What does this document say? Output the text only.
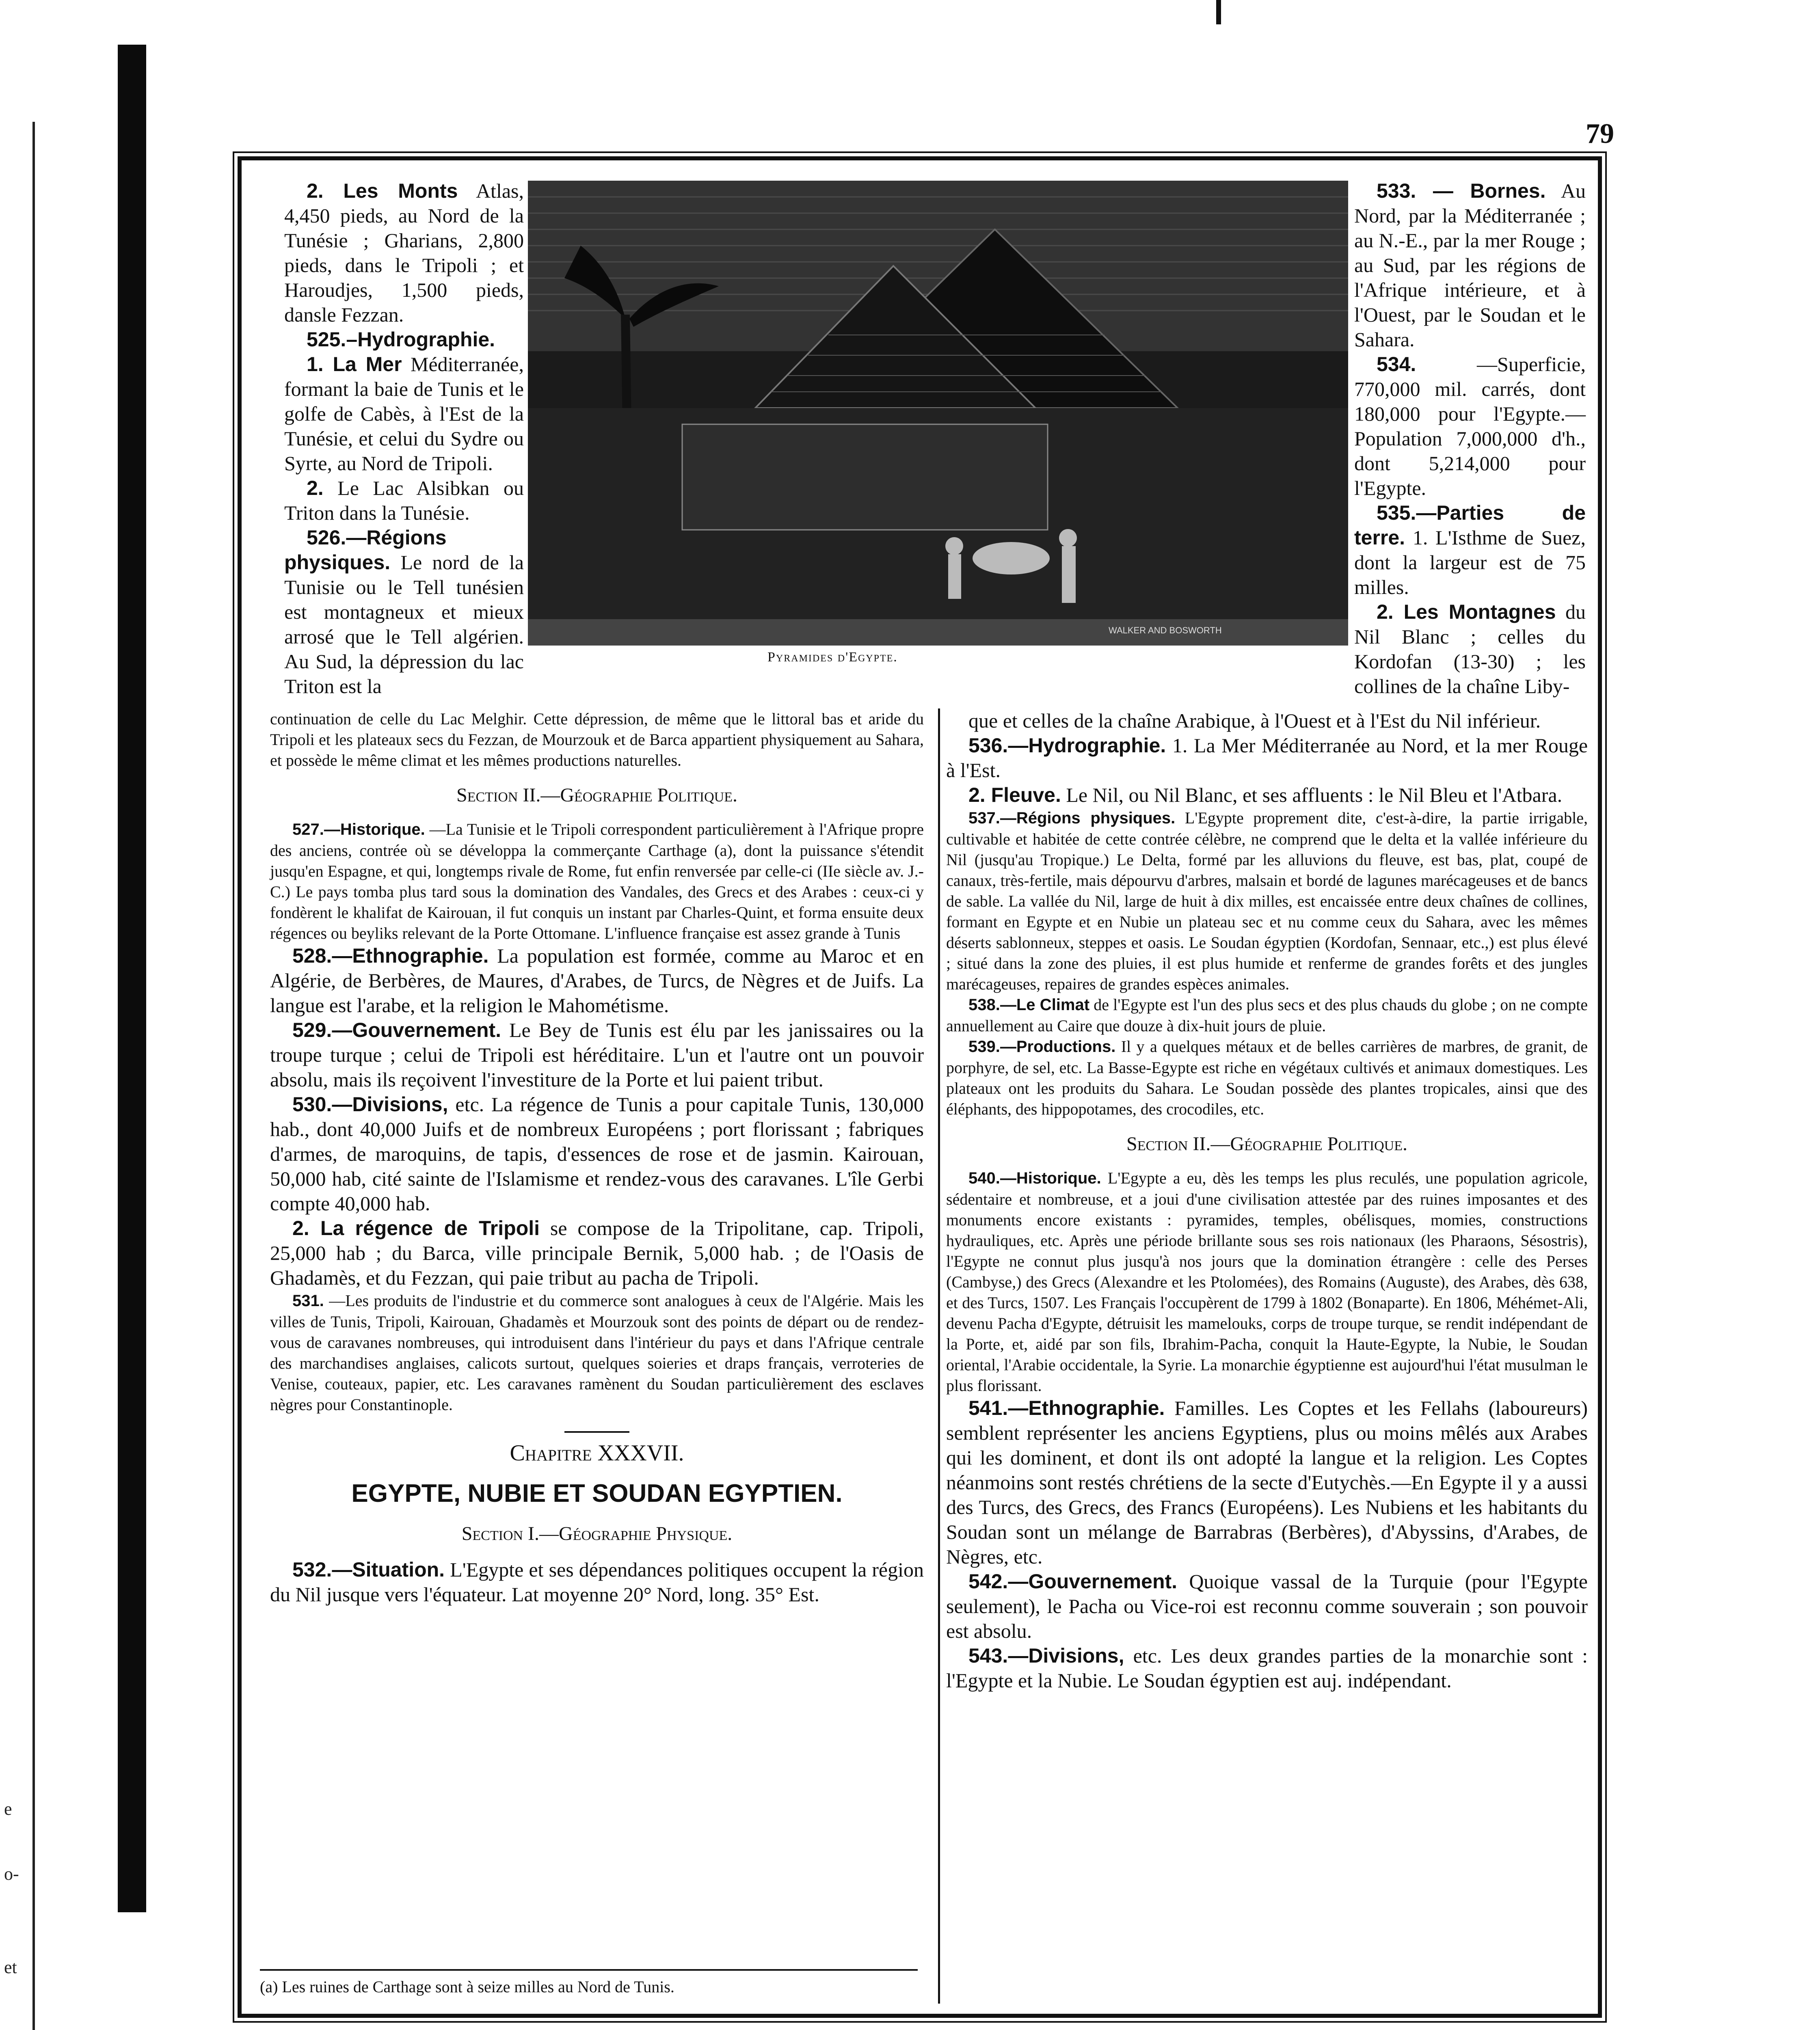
e
o-
et
79
WALKER AND BOSWORTH
Pyramides d'Egypte.

2. Les Monts Atlas, 4,450 pieds, au Nord de la Tunésie ; Gharians, 2,800 pieds, dans le Tripoli ; et Haroudjes, 1,500 pieds, dansle Fezzan.

525.–Hydrographie.

1. La Mer Méditerranée, formant la baie de Tunis et le golfe de Cabès, à l'Est de la Tunésie, et celui du Sydre ou Syrte, au Nord de Tripoli.

2. Le Lac Alsibkan ou Triton dans la Tunésie.

526.—Régions physiques. Le nord de la Tunisie ou le Tell tunésien est montagneux et mieux arrosé que le Tell algérien. Au Sud, la dépression du lac Triton est la

533. — Bornes. Au Nord, par la Méditerranée ; au N.-E., par la mer Rouge ; au Sud, par les régions de l'Afrique intérieure, et à l'Ouest, par le Soudan et le Sahara.

534.	—Superficie, 770,000 mil. carrés, dont 180,000 pour l'Egypte.— Population 7,000,000 d'h., dont 5,214,000 pour l'Egypte.

535.—Parties de terre. 1. L'Isthme de Suez, dont la largeur est de 75 milles.

2. Les Montagnes du Nil Blanc ; celles du Kordofan (13-30) ; les collines de la chaîne Liby-

continuation de celle du Lac Melghir. Cette dépression, de même que le littoral bas et aride du Tripoli et les plateaux secs du Fezzan, de Mourzouk et de Barca appartient physiquement au Sahara, et possède le même climat et les mêmes productions naturelles.

Section II.—Géographie Politique.

527.—Historique. —La Tunisie et le Tripoli correspondent particulièrement à l'Afrique propre des anciens, contrée où se développa la commerçante Carthage (a), dont la puissance s'étendit jusqu'en Espagne, et qui, longtemps rivale de Rome, fut enfin renversée par celle-ci (IIe siècle av. J.-C.) Le pays tomba plus tard sous la domination des Vandales, des Grecs et des Arabes : ceux-ci y fondèrent le khalifat de Kairouan, il fut conquis un instant par Charles-Quint, et forma ensuite deux régences ou beyliks relevant de la Porte Ottomane. L'influence française est assez grande à Tunis

528.—Ethnographie. La population est formée, comme au Maroc et en Algérie, de Berbères, de Maures, d'Arabes, de Turcs, de Nègres et de Juifs. La langue est l'arabe, et la religion le Mahométisme.

529.—Gouvernement. Le Bey de Tunis est élu par les janissaires ou la troupe turque ; celui de Tripoli est héréditaire. L'un et l'autre ont un pouvoir absolu, mais ils reçoivent l'investiture de la Porte et lui paient tribut.

530.—Divisions, etc. La régence de Tunis a pour capitale Tunis, 130,000 hab., dont 40,000 Juifs et de nombreux Européens ; port florissant ; fabriques d'armes, de maroquins, de tapis, d'essences de rose et de jasmin. Kairouan, 50,000 hab, cité sainte de l'Islamisme et rendez-vous des caravanes. L'île Gerbi compte 40,000 hab.

2. La régence de Tripoli se compose de la Tripolitane, cap. Tripoli, 25,000 hab ; du Barca, ville principale Bernik, 5,000 hab. ; de l'Oasis de Ghadamès, et du Fezzan, qui paie tribut au pacha de Tripoli.

531. —Les produits de l'industrie et du commerce sont analogues à ceux de l'Algérie. Mais les villes de Tunis, Tripoli, Kairouan, Ghadamès et Mourzouk sont des points de départ ou de rendez-vous de caravanes nombreuses, qui introduisent dans l'intérieur du pays et dans l'Afrique centrale des marchandises anglaises, calicots surtout, quelques soieries et draps français, verroteries de Venise, couteaux, papier, etc. Les caravanes ramènent du Soudan particulièrement des esclaves nègres pour Constantinople.

Chapitre XXXVII.
EGYPTE, NUBIE ET SOUDAN EGYPTIEN.
Section I.—Géographie Physique.

532.—Situation. L'Egypte et ses dépendances politiques occupent la région du Nil jusque vers l'équateur. Lat moyenne 20° Nord, long. 35° Est.

(a) Les ruines de Carthage sont à seize milles au Nord de Tunis.

que et celles de la chaîne Arabique, à l'Ouest et à l'Est du Nil inférieur.

536.—Hydrographie. 1. La Mer Méditerranée au Nord, et la mer Rouge à l'Est.

2. Fleuve. Le Nil, ou Nil Blanc, et ses affluents : le Nil Bleu et l'Atbara.

537.—Régions physiques. L'Egypte proprement dite, c'est-à-dire, la partie irrigable, cultivable et habitée de cette contrée célèbre, ne comprend que le delta et la vallée inférieure du Nil (jusqu'au Tropique.) Le Delta, formé par les alluvions du fleuve, est bas, plat, coupé de canaux, très-fertile, mais dépourvu d'arbres, malsain et bordé de lagunes marécageuses et de bancs de sable. La vallée du Nil, large de huit à dix milles, est encaissée entre deux chaînes de collines, formant en Egypte et en Nubie un plateau sec et nu comme ceux du Sahara, avec les mêmes déserts sablonneux, steppes et oasis. Le Soudan égyptien (Kordofan, Sennaar, etc.,) est plus élevé ; situé dans la zone des pluies, il est plus humide et renferme de grandes forêts et des jungles marécageuses, repaires de grandes espèces animales.

538.—Le Climat de l'Egypte est l'un des plus secs et des plus chauds du globe ; on ne compte annuellement au Caire que douze à dix-huit jours de pluie.

539.—Productions. Il y a quelques métaux et de belles carrières de marbres, de granit, de porphyre, de sel, etc. La Basse-Egypte est riche en végétaux cultivés et animaux domestiques. Les plateaux ont les produits du Sahara. Le Soudan possède des plantes tropicales, ainsi que des éléphants, des hippopotames, des crocodiles, etc.

Section II.—Géographie Politique.

540.—Historique. L'Egypte a eu, dès les temps les plus reculés, une population agricole, sédentaire et nombreuse, et a joui d'une civilisation attestée par des ruines imposantes et des monuments encore existants : pyramides, temples, obélisques, momies, constructions hydrauliques, etc. Après une période brillante sous ses rois nationaux (les Pharaons, Sésostris), l'Egypte ne connut plus jusqu'à nos jours que la domination étrangère : celle des Perses (Cambyse,) des Grecs (Alexandre et les Ptolomées), des Romains (Auguste), des Arabes, dès 638, et des Turcs, 1507. Les Français l'occupèrent de 1799 à 1802 (Bonaparte). En 1806, Méhémet-Ali, devenu Pacha d'Egypte, détruisit les mamelouks, corps de troupe turque, se rendit indépendant de la Porte, et, aidé par son fils, Ibrahim-Pacha, conquit la Haute-Egypte, la Nubie, le Soudan oriental, l'Arabie occidentale, la Syrie. La monarchie égyptienne est aujourd'hui l'état musulman le plus florissant.

541.—Ethnographie. Familles. Les Coptes et les Fellahs (laboureurs) semblent représenter les anciens Egyptiens, plus ou moins mêlés aux Arabes qui les dominent, et dont ils ont adopté la langue et la religion. Les Coptes néanmoins sont restés chrétiens de la secte d'Eutychès.—En Egypte il y a aussi des Turcs, des Grecs, des Francs (Européens). Les Nubiens et les habitants du Soudan sont un mélange de Barrabras (Berbères), d'Abyssins, d'Arabes, de Nègres, etc.

542.—Gouvernement. Quoique vassal de la Turquie (pour l'Egypte seulement), le Pacha ou Vice-roi est reconnu comme souverain ; son pouvoir est absolu.

543.—Divisions, etc. Les deux grandes parties de la monarchie sont : l'Egypte et la Nubie. Le Soudan égyptien est auj. indépendant.
